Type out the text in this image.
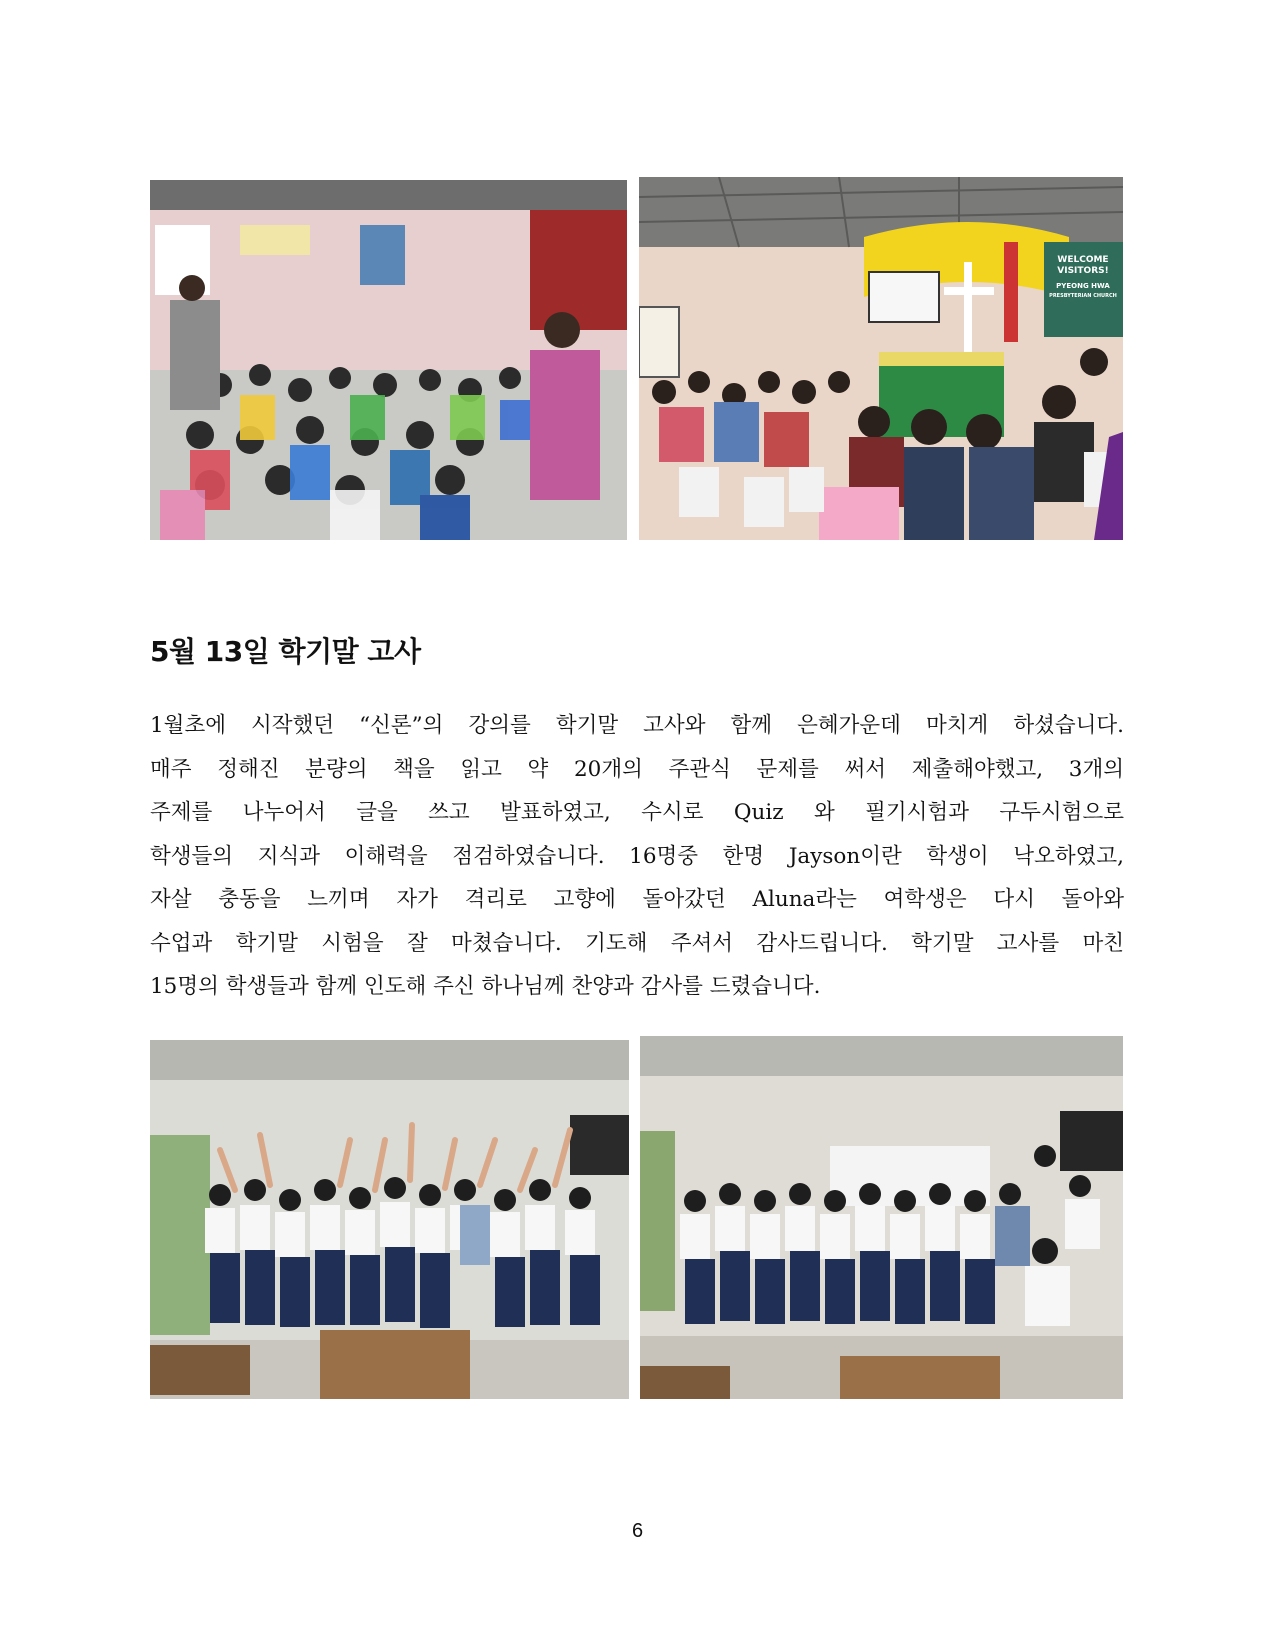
WELCOME
VISITORS!
PYEONG HWA
PRESBYTERIAN CHURCH
5월 13일 학기말 고사
1월초에 시작했던 “신론”의 강의를 학기말 고사와 함께 은혜가운데 마치게 하셨습니다.
매주 정해진 분량의 책을 읽고 약 20개의 주관식 문제를 써서 제출해야했고, 3개의
주제를 나누어서 글을 쓰고 발표하였고, 수시로 Quiz 와 필기시험과 구두시험으로
학생들의 지식과 이해력을 점검하였습니다. 16명중 한명 Jayson이란 학생이 낙오하였고,
자살 충동을 느끼며 자가 격리로 고향에 돌아갔던 Aluna라는 여학생은 다시 돌아와
수업과 학기말 시험을 잘 마쳤습니다. 기도해 주셔서 감사드립니다. 학기말 고사를 마친
15명의 학생들과 함께 인도해 주신 하나님께 찬양과 감사를 드렸습니다.
6
